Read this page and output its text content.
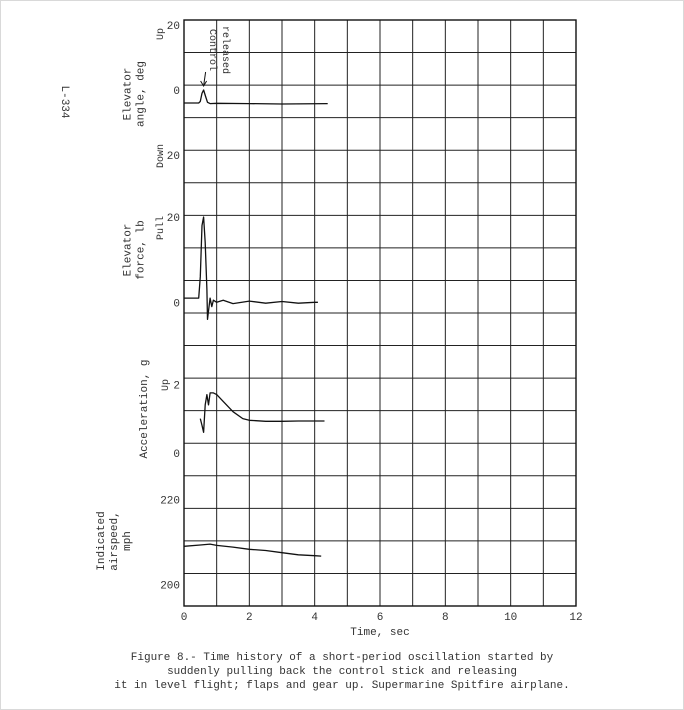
L-334
0	2	4	6	8	10	12
Time, sec
20
0
20
Elevator angle, deg
Up
Down
Control released
20
0
Elevator force, lb Pull
2
0
Acceleration, g Up
220
200
Indicated airspeed, mph
Figure 8.- Time history of a short-period oscillation started by
suddenly pulling back the control stick and releasing
it in level flight; flaps and gear up. Supermarine Spitfire airplane.
